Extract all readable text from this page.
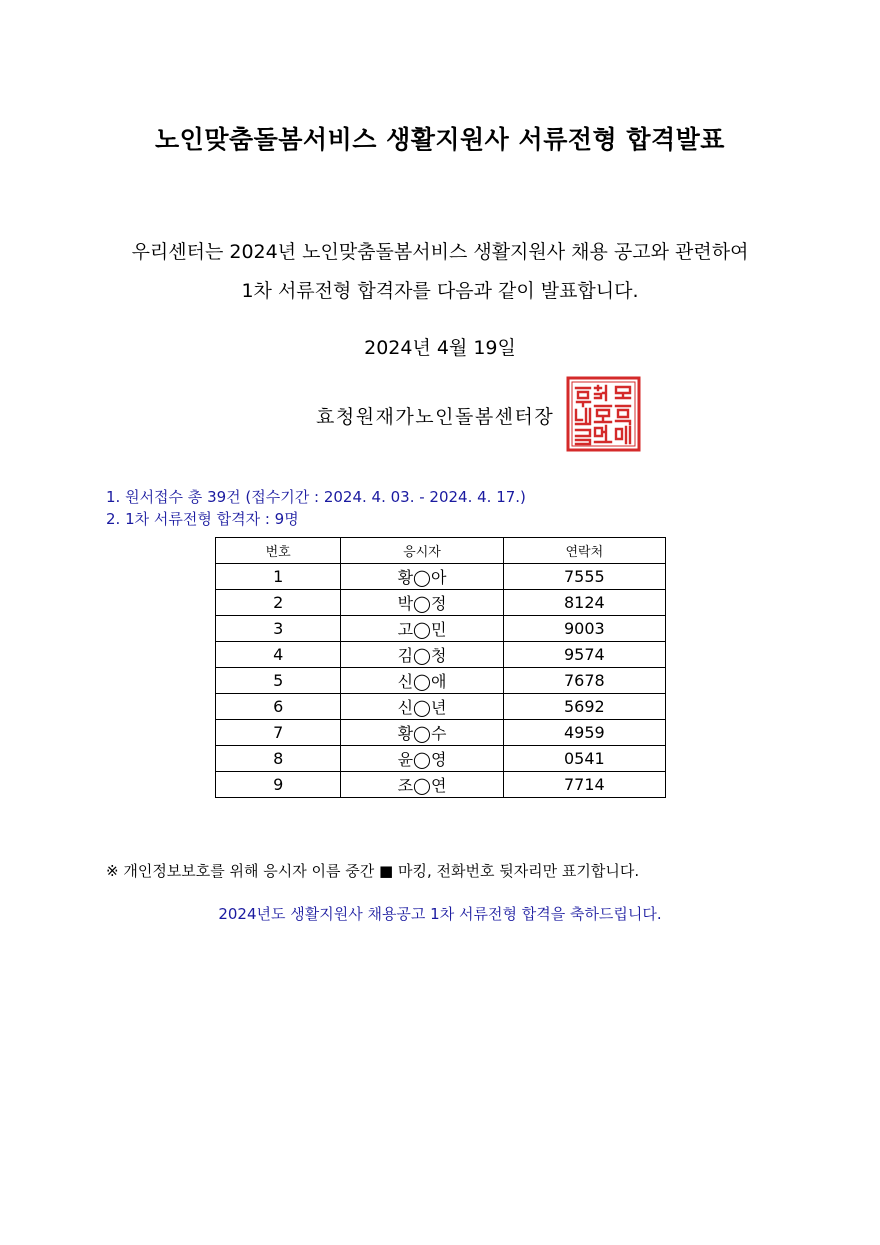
노인맞춤돌봄서비스 생활지원사 서류전형 합격발표
우리센터는 2024년 노인맞춤돌봄서비스 생활지원사 채용 공고와 관련하여
1차 서류전형 합격자를 다음과 같이 발표합니다.
2024년 4월 19일
효청원재가노인돌봄센터장
1. 원서접수 총 39건 (접수기간 : 2024. 4. 03. - 2024. 4. 17.)
2. 1차 서류전형 합격자 : 9명
번호	응시자	연락처
1	황◯아	7555
2	박◯정	8124
3	고◯민	9003
4	김◯청	9574
5	신◯애	7678
6	신◯년	5692
7	황◯수	4959
8	윤◯영	0541
9	조◯연	7714
※ 개인정보보호를 위해 응시자 이름 중간 ■ 마킹, 전화번호 뒷자리만 표기합니다.
2024년도 생활지원사 채용공고 1차 서류전형 합격을 축하드립니다.
